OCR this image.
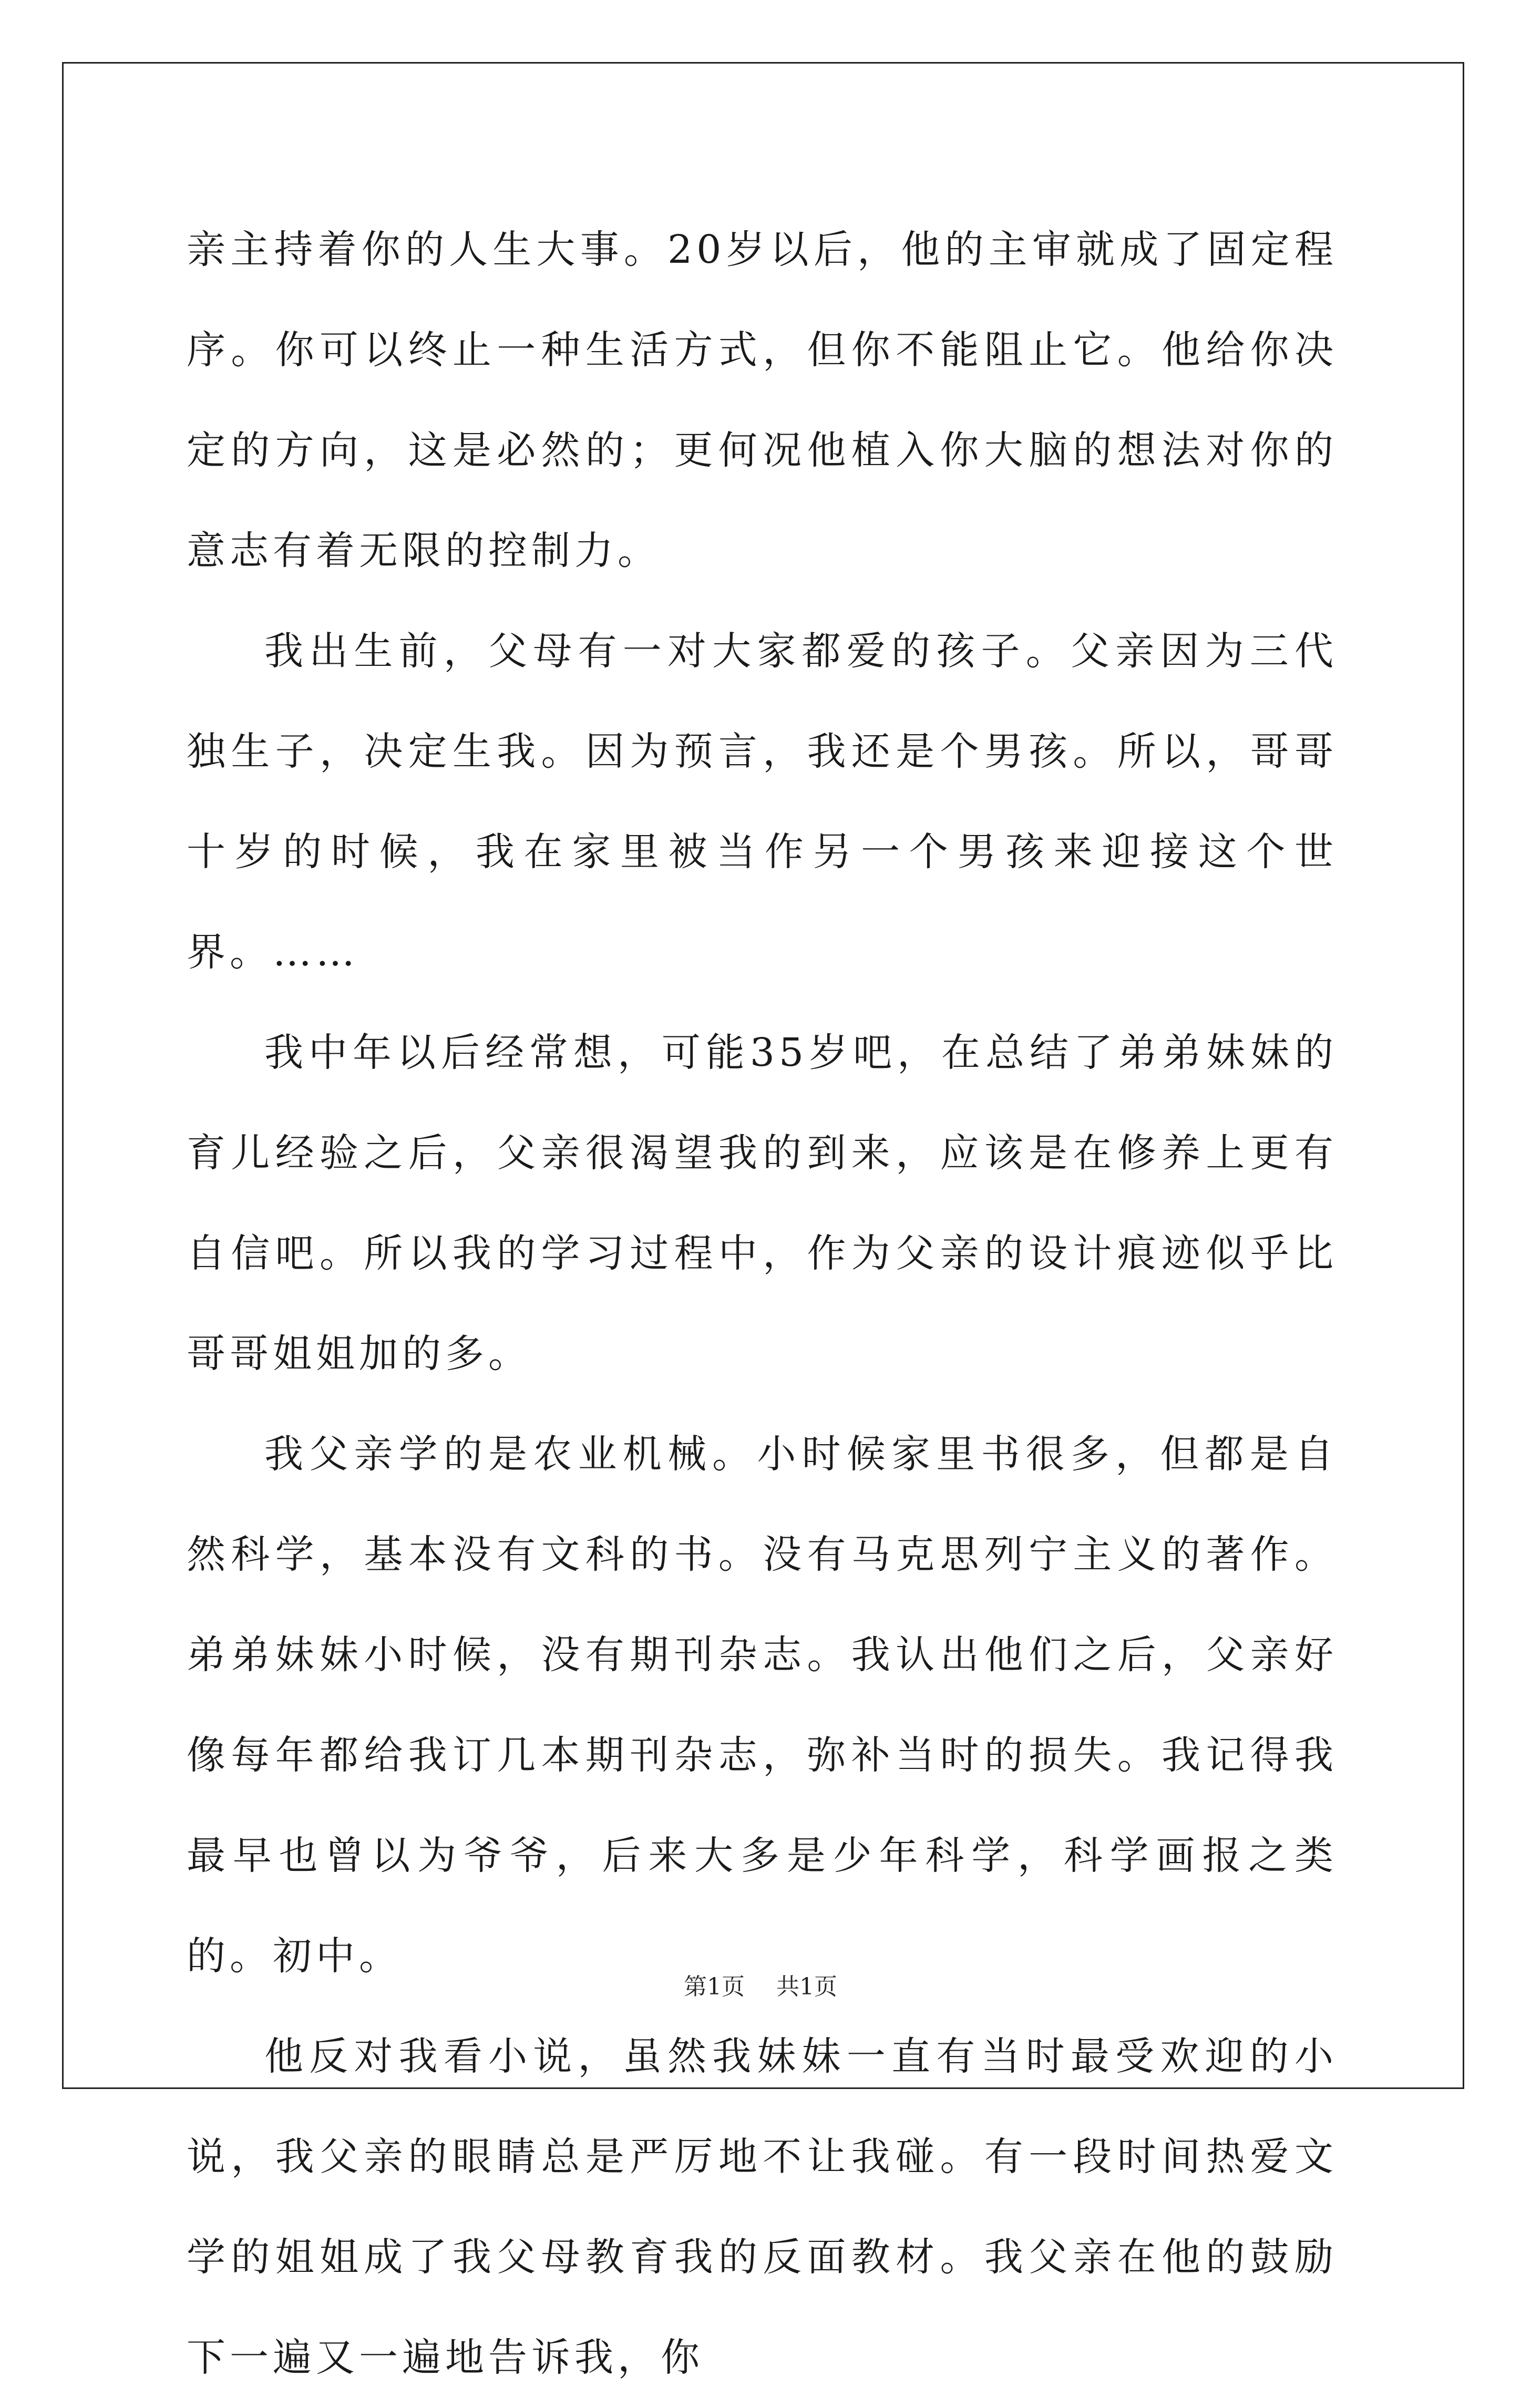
亲主持着你的人生大事。20岁以后，他的主审就成了固定程序。你可以终止一种生活方式，但你不能阻止它。他给你决定的方向，这是必然的；更何况他植入你大脑的想法对你的意志有着无限的控制力。

我出生前，父母有一对大家都爱的孩子。父亲因为三代独生子，决定生我。因为预言，我还是个男孩。所以，哥哥十岁的时候，我在家里被当作另一个男孩来迎接这个世界。……

我中年以后经常想，可能35岁吧，在总结了弟弟妹妹的育儿经验之后，父亲很渴望我的到来，应该是在修养上更有自信吧。所以我的学习过程中，作为父亲的设计痕迹似乎比哥哥姐姐加的多。

我父亲学的是农业机械。小时候家里书很多，但都是自然科学，基本没有文科的书。没有马克思列宁主义的著作。弟弟妹妹小时候，没有期刊杂志。我认出他们之后，父亲好像每年都给我订几本期刊杂志，弥补当时的损失。我记得我最早也曾以为爷爷，后来大多是少年科学，科学画报之类的。初中。

他反对我看小说，虽然我妹妹一直有当时最受欢迎的小说，我父亲的眼睛总是严厉地不让我碰。有一段时间热爱文学的姐姐成了我父母教育我的反面教材。我父亲在他的鼓励下一遍又一遍地告诉我，你

第1页 共1页
